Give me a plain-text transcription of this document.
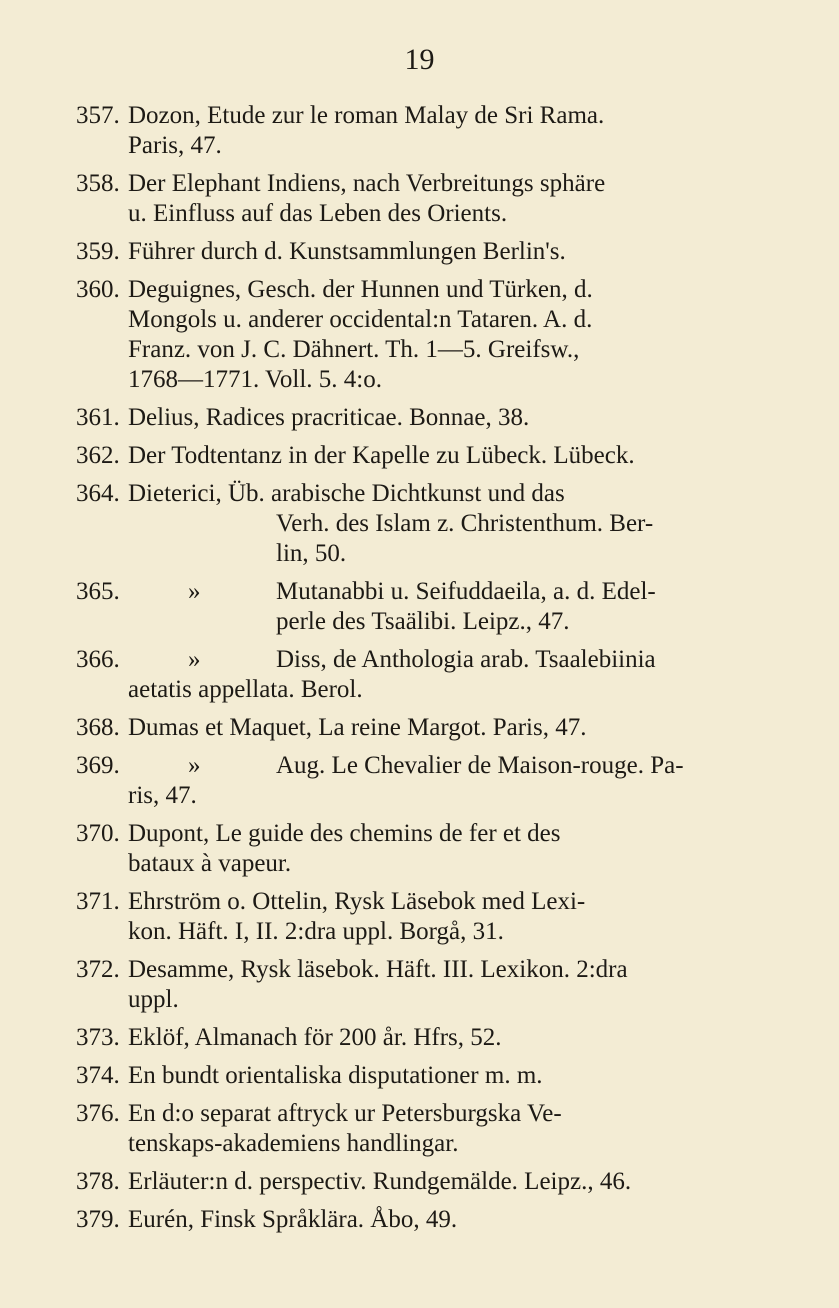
19
357. Dozon, Etude zur le roman Malay de Sri Rama.
Paris, 47.
358. Der Elephant Indiens, nach Verbreitungs sphäre
u. Einfluss auf das Leben des Orients.
359. Führer durch d. Kunstsammlungen Berlin's.
360. Deguignes, Gesch. der Hunnen und Türken, d.
Mongols u. anderer occidental:n Tataren. A. d.
Franz. von J. C. Dähnert. Th. 1—5. Greifsw.,
1768—1771. Voll. 5. 4:o.
361. Delius, Radices pracriticae. Bonnae, 38.
362. Der Todtentanz in der Kapelle zu Lübeck. Lübeck.
364. Dieterici, Üb. arabische Dichtkunst und das
Verh. des Islam z. Christenthum. Ber-
lin, 50.
365.	»	Mutanabbi u. Seifuddaeila, a. d. Edel-
perle des Tsaälibi. Leipz., 47.
366.	»	Diss, de Anthologia arab. Tsaalebiinia
aetatis appellata. Berol.
368. Dumas et Maquet, La reine Margot. Paris, 47.
369.	»	Aug. Le Chevalier de Maison-rouge. Pa-
ris, 47.
370. Dupont, Le guide des chemins de fer et des
bataux à vapeur.
371. Ehrström o. Ottelin, Rysk Läsebok med Lexi-
kon. Häft. I, II. 2:dra uppl. Borgå, 31.
372. Desamme, Rysk läsebok. Häft. III. Lexikon. 2:dra
uppl.
373. Eklöf, Almanach för 200 år. Hfrs, 52.
374. En bundt orientaliska disputationer m. m.
376. En d:o separat aftryck ur Petersburgska Ve-
tenskaps-akademiens handlingar.
378. Erläuter:n d. perspectiv. Rundgemälde. Leipz., 46.
379. Eurén, Finsk Språklära. Åbo, 49.
